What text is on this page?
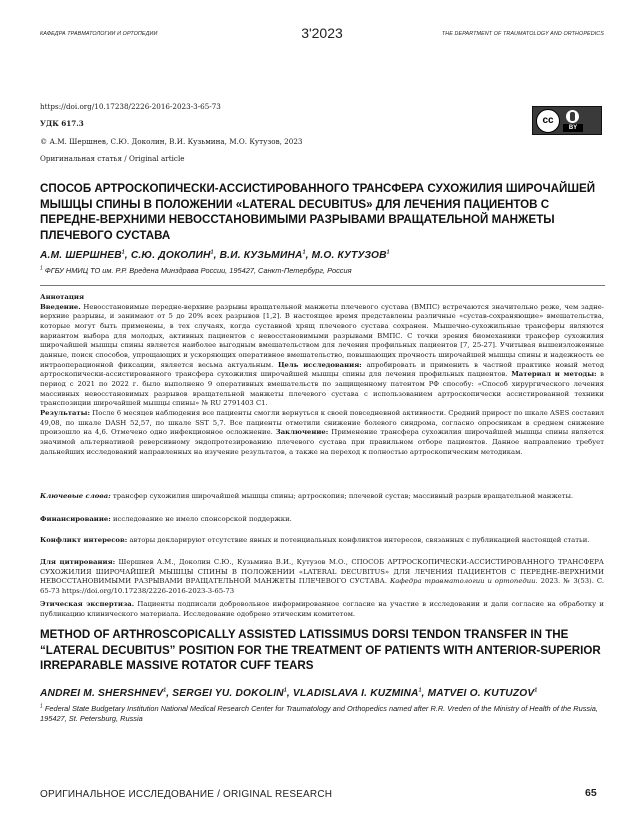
КАФЕДРА ТРАВМАТОЛОГИИ И ОРТОПЕДИИ	3'2023	THE DEPARTMENT OF TRAUMATOLOGY AND ORTHOPEDICS
https://doi.org/10.17238/2226-2016-2023-3-65-73
УДК 617.3
© А.М. Шершнев, С.Ю. Доколин, В.И. Кузьмина, М.О. Кутузов, 2023
Оригинальная статья / Original article
cc
BY
СПОСОБ АРТРОСКОПИЧЕСКИ-АССИСТИРОВАННОГО ТРАНСФЕРА СУХОЖИЛИЯ ШИРОЧАЙШЕЙ МЫШЦЫ СПИНЫ В ПОЛОЖЕНИИ «LATERAL DECUBITUS» ДЛЯ ЛЕЧЕНИЯ ПАЦИЕНТОВ С ПЕРЕДНЕ-ВЕРХНИМИ НЕВОССТАНОВИМЫМИ РАЗРЫВАМИ ВРАЩАТЕЛЬНОЙ МАНЖЕТЫ ПЛЕЧЕВОГО СУСТАВА
А.М. ШЕРШНЕВ$^1$, С.Ю. ДОКОЛИН$^1$, В.И. КУЗЬМИНА$^1$, М.О. КУТУЗОВ$^1$
$^1$ ФГБУ НМИЦ ТО им. Р.Р. Вредена Минздрава России, 195427, Санкт-Петербург, Россия

Аннотация

Введение. Невосстановимые передне-верхние разрывы вращательной манжеты плечевого сустава (ВМПС) встречаются значительно реже, чем задне-верхние разрывы, и занимают от 5 до 20% всех разрывов [1,2]. В настоящее время представлены различные «сустав-сохраняющие» вмешательства, которые могут быть применены, в тех случаях, когда суставной хрящ плечевого сустава сохранен. Мышечно-сухожильные трансферы являются вариантом выбора для молодых, активных пациентов с невосстановимыми разрывами ВМПС. С точки зрения биомеханики трансфер сухожилия широчайшей мышцы спины является наиболее выгодным вмешательством для лечения профильных пациентов [7, 25-27]. Учитывая вышеизложенные данные, поиск способов, упрощающих и ускоряющих оперативное вмешательство, повышающих прочность широчайшей мышцы спины и надежность ее интраоперационной фиксации, является весьма актуальным. Цель исследования: апробировать и применить в частной практике новый метод артроскопически-ассистированного трансфера сухожилия широчайшей мышцы спины для лечения профильных пациентов. Материал и методы: в период с 2021 по 2022 г. было выполнено 9 оперативных вмешательств по защищенному патентом РФ способу: «Способ хирургического лечения массивных невосстановимых разрывов вращательной манжеты плечевого сустава с использованием артроскопически ассистированной техники транспозиции широчайшей мышцы спины» № RU 2791403 C1.

Результаты: После 6 месяцев наблюдения все пациенты смогли вернуться к своей повседневной активности. Средний прирост по шкале ASES составил 49,08, по шкале DASH 52,57, по шкале SST 5,7. Все пациенты отметили снижение болевого синдрома, согласно опросникам в среднем снижение произошло на 4,6. Отмечено одно инфекционное осложнение. Заключение: Применение трансфера сухожилия широчайшей мышцы спины является значимой альтернативой реверсивному эндопротезированию плечевого сустава при правильном отборе пациентов. Данное направление требует дальнейших исследований направленных на изучение результатов, а также на переход к полностью артроскопическим методикам.

Ключевые слова: трансфер сухожилия широчайшей мышцы спины; артроскопия; плечевой сустав; массивный разрыв вращательной манжеты.
Финансирование: исследование не имело спонсорской поддержки.
Конфликт интересов: авторы декларируют отсутствие явных и потенциальных конфликтов интересов, связанных с публикацией настоящей статьи.
Для цитирования: Шершнев А.М., Доколин С.Ю., Кузьмина В.И., Кутузов М.О., СПОСОБ АРТРОСКОПИЧЕСКИ-АССИСТИРОВАННОГО ТРАНСФЕРА СУХОЖИЛИЯ ШИРОЧАЙШЕЙ МЫШЦЫ СПИНЫ В ПОЛОЖЕНИИ «LATERAL DECUBITUS» ДЛЯ ЛЕЧЕНИЯ ПАЦИЕНТОВ С ПЕРЕДНЕ-ВЕРХНИМИ НЕВОССТАНОВИМЫМИ РАЗРЫВАМИ ВРАЩАТЕЛЬНОЙ МАНЖЕТЫ ПЛЕЧЕВОГО СУСТАВА. Кафедра травматологии и ортопедии. 2023. № 3(53). C. 65-73 https://doi.org/10.17238/2226-2016-2023-3-65-73
Этическая экспертиза. Пациенты подписали добровольное информированное согласие на участие в исследовании и дали согласие на обработку и публикацию клинического материала. Исследование одобрено этическим комитетом.
METHOD OF ARTHROSCOPICALLY ASSISTED LATISSIMUS DORSI TENDON TRANSFER IN THE “LATERAL DECUBITUS” POSITION FOR THE TREATMENT OF PATIENTS WITH ANTERIOR-SUPERIOR IRREPARABLE MASSIVE ROTATOR CUFF TEARS
ANDREI M. SHERSHNEV$^1$, SERGEI YU. DOKOLIN$^1$, VLADISLAVA I. KUZMINA$^1$, MATVEI O. KUTUZOV$^1$
$^1$ Federal State Budgetary Institution National Medical Research Center for Traumatology and Orthopedics named after R.R. Vreden of the Ministry of Health of the Russia, 195427, St. Petersburg, Russia
ОРИГИНАЛЬНОЕ ИССЛЕДОВАНИЕ / ORIGINAL RESEARCH	65
